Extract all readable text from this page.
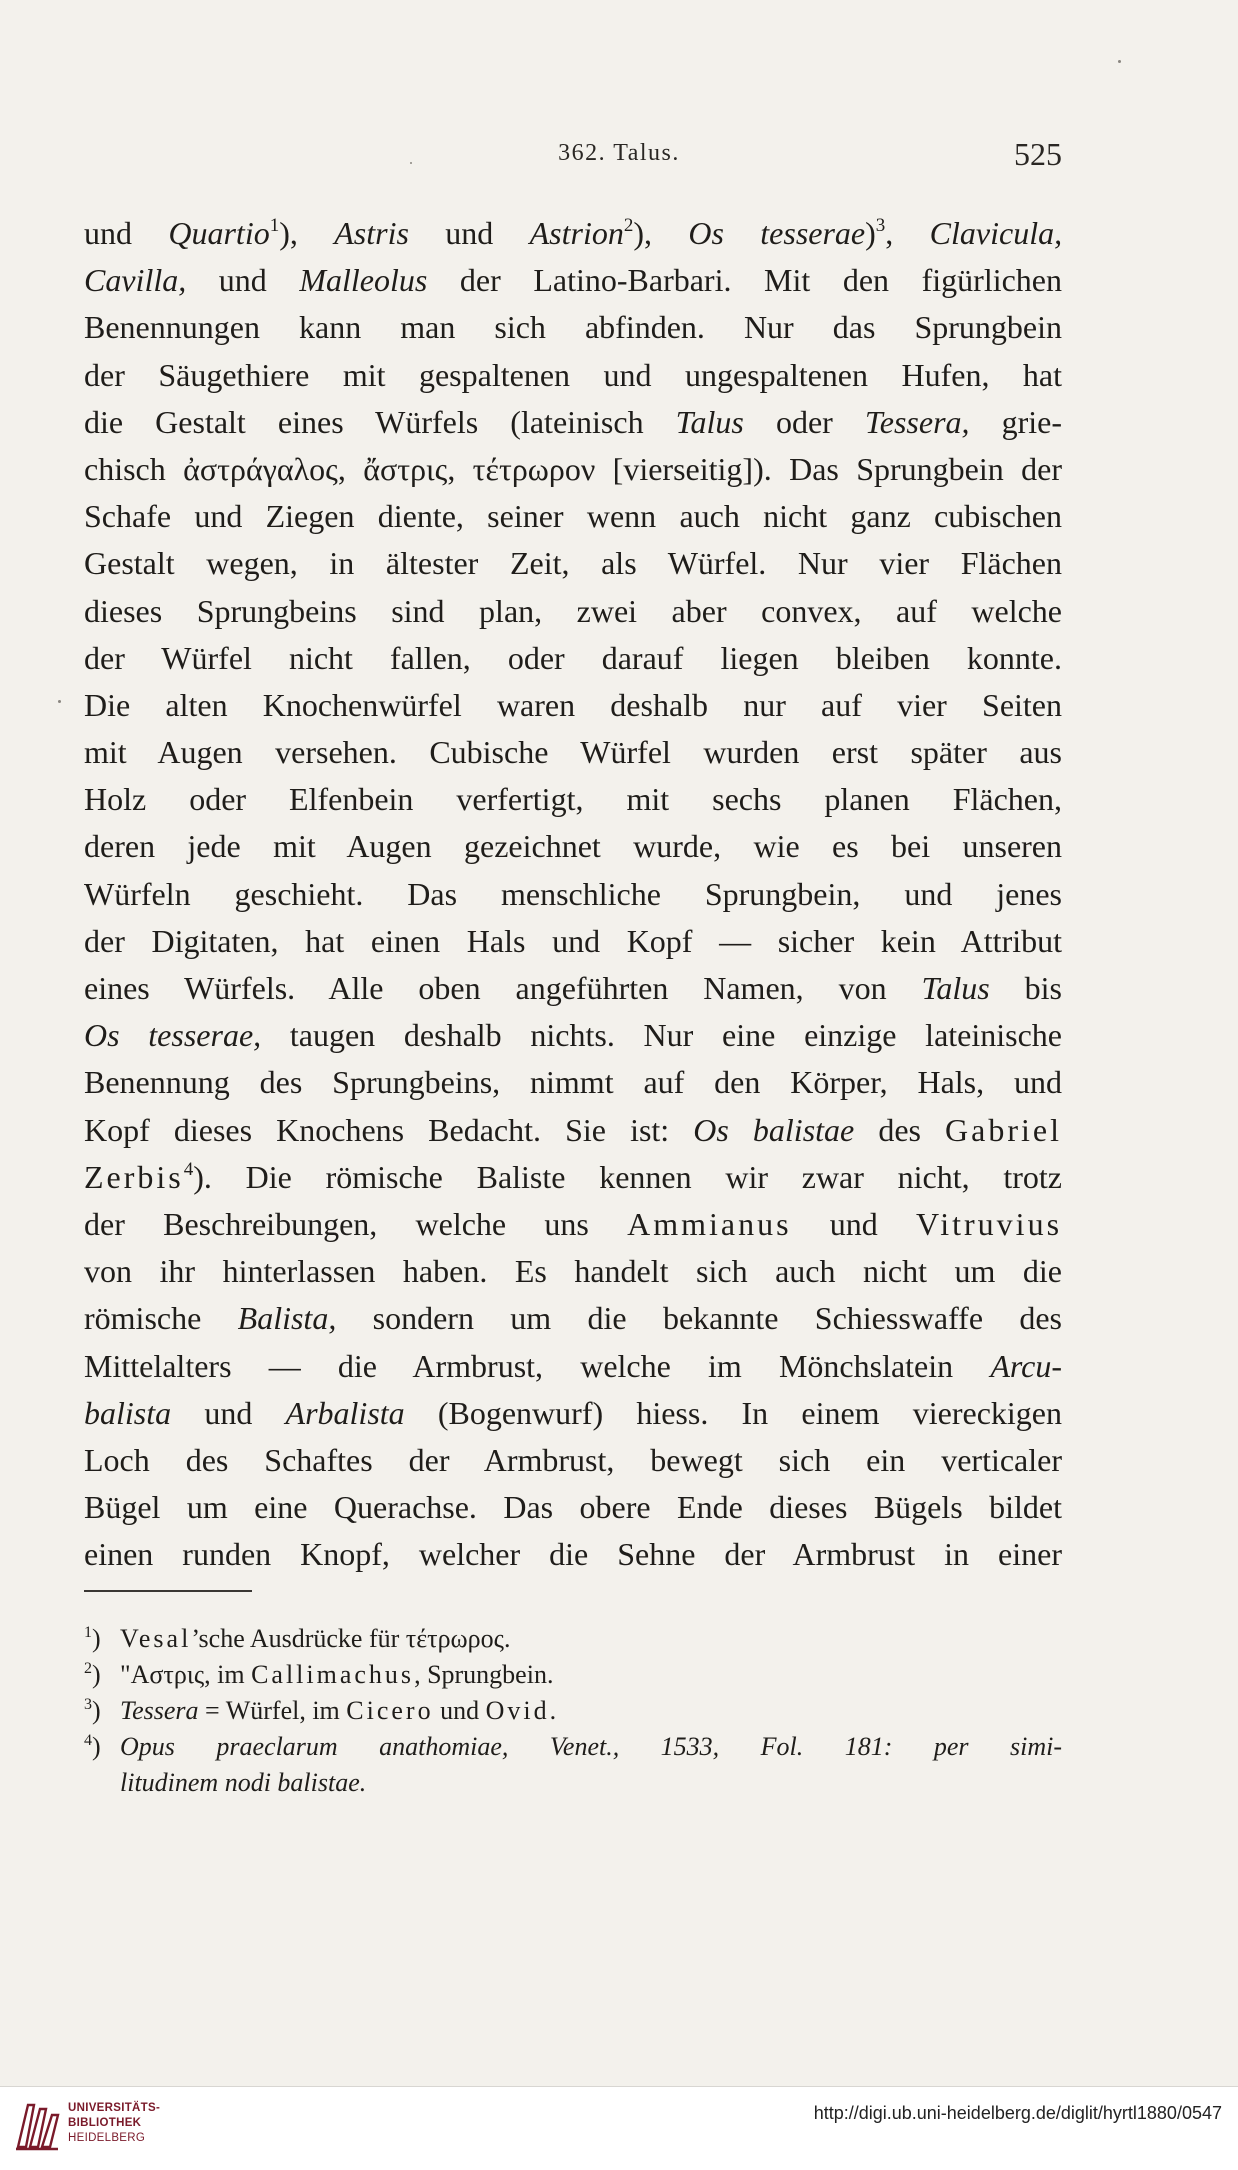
362. Talus.	525
und Quartio$^1$), Astris und Astrion$^2$), Os tesserae)$^3$, Clavicula,
Cavilla, und Malleolus der Latino-Barbari. Mit den figürlichen
Benennungen kann man sich abfinden. Nur das Sprungbein
der Säugethiere mit gespaltenen und ungespaltenen Hufen, hat
die Gestalt eines Würfels (lateinisch Talus oder Tessera, grie-
chisch ἀστράγαλος, ἄστρις, τέτρωρον [vierseitig]). Das Sprungbein der
Schafe und Ziegen diente, seiner wenn auch nicht ganz cubischen
Gestalt wegen, in ältester Zeit, als Würfel. Nur vier Flächen
dieses Sprungbeins sind plan, zwei aber convex, auf welche
der Würfel nicht fallen, oder darauf liegen bleiben konnte.
Die alten Knochenwürfel waren deshalb nur auf vier Seiten
mit Augen versehen. Cubische Würfel wurden erst später aus
Holz oder Elfenbein verfertigt, mit sechs planen Flächen,
deren jede mit Augen gezeichnet wurde, wie es bei unseren
Würfeln geschieht. Das menschliche Sprungbein, und jenes
der Digitaten, hat einen Hals und Kopf — sicher kein Attribut
eines Würfels. Alle oben angeführten Namen, von Talus bis
Os tesserae, taugen deshalb nichts. Nur eine einzige lateinische
Benennung des Sprungbeins, nimmt auf den Körper, Hals, und
Kopf dieses Knochens Bedacht. Sie ist: Os balistae des Gabriel
Zerbis$^4$). Die römische Baliste kennen wir zwar nicht, trotz
der Beschreibungen, welche uns Ammianus und Vitruvius
von ihr hinterlassen haben. Es handelt sich auch nicht um die
römische Balista, sondern um die bekannte Schiesswaffe des
Mittelalters — die Armbrust, welche im Mönchslatein Arcu-
balista und Arbalista (Bogenwurf) hiess. In einem viereckigen
Loch des Schaftes der Armbrust, bewegt sich ein verticaler
Bügel um eine Querachse. Das obere Ende dieses Bügels bildet
einen runden Knopf, welcher die Sehne der Armbrust in einer
$^1$) Vesal’sche Ausdrücke für τέτρωρος.
$^2$) "Αστρις, im Callimachus, Sprungbein.
$^3$) Tessera = Würfel, im Cicero und Ovid.
$^4$) Opus praeclarum anathomiae, Venet., 1533, Fol. 181: per simi-
litudinem nodi balistae.
UNIVERSITÄTS-
BIBLIOTHEK
HEIDELBERG
http://digi.ub.uni-heidelberg.de/diglit/hyrtl1880/0547
